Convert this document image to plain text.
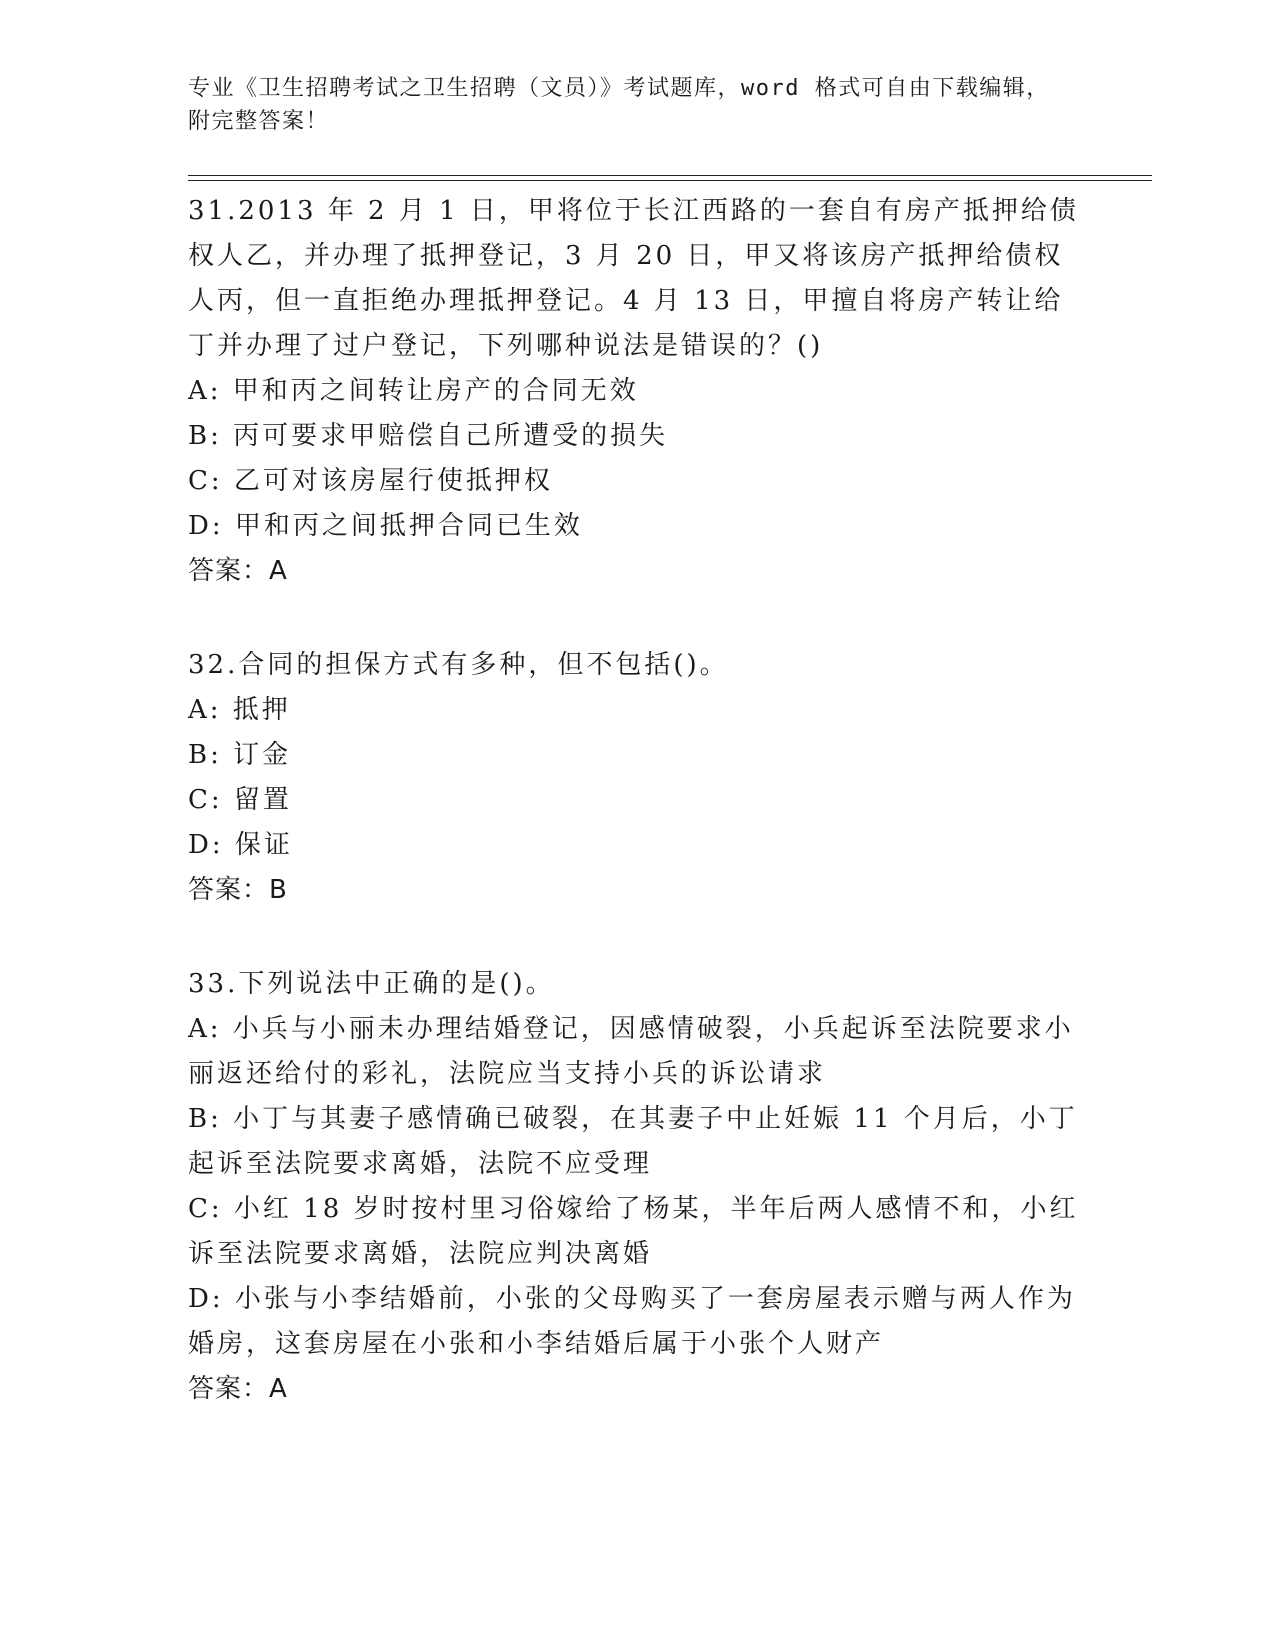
专业《卫生招聘考试之卫生招聘（文员）》考试题库，word 格式可自由下载编辑，附完整答案！

31.2013 年 2 月 1 日，甲将位于长江西路的一套自有房产抵押给债权人乙，并办理了抵押登记，3 月 20 日，甲又将该房产抵押给债权人丙，但一直拒绝办理抵押登记。4 月 13 日，甲擅自将房产转让给丁并办理了过户登记，下列哪种说法是错误的？()

A: 甲和丙之间转让房产的合同无效

B: 丙可要求甲赔偿自己所遭受的损失

C: 乙可对该房屋行使抵押权

D: 甲和丙之间抵押合同已生效

答案：A

32.合同的担保方式有多种，但不包括()。

A: 抵押

B: 订金

C: 留置

D: 保证

答案：B

33.下列说法中正确的是()。

A: 小兵与小丽未办理结婚登记，因感情破裂，小兵起诉至法院要求小丽返还给付的彩礼，法院应当支持小兵的诉讼请求

B: 小丁与其妻子感情确已破裂，在其妻子中止妊娠 11 个月后，小丁起诉至法院要求离婚，法院不应受理

C: 小红 18 岁时按村里习俗嫁给了杨某，半年后两人感情不和，小红诉至法院要求离婚，法院应判决离婚

D: 小张与小李结婚前，小张的父母购买了一套房屋表示赠与两人作为婚房，这套房屋在小张和小李结婚后属于小张个人财产

答案：A
